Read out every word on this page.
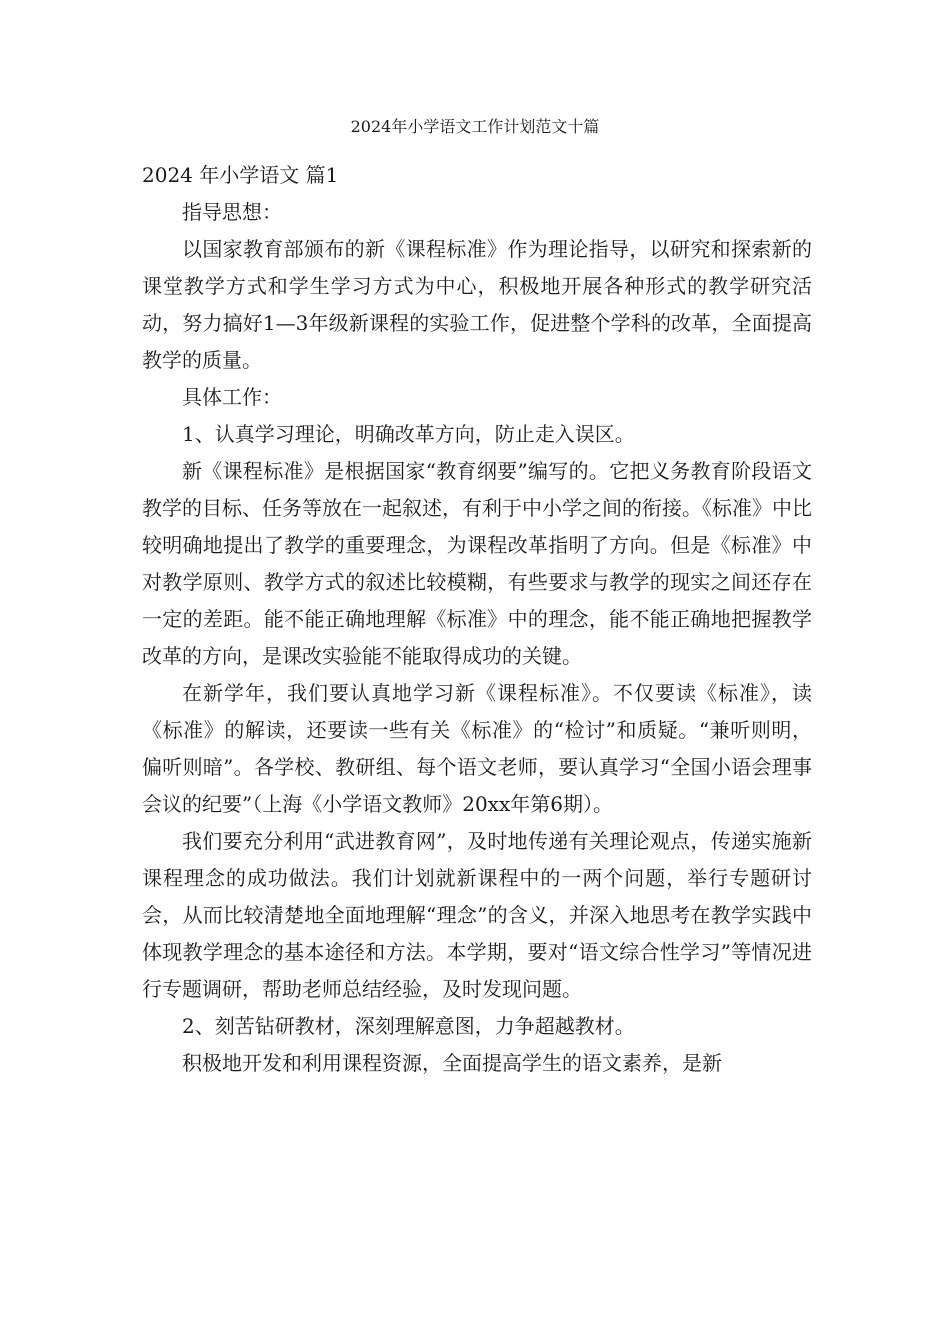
2024年小学语文工作计划范文十篇

2024 年小学语文 篇1

指导思想：

以国家教育部颁布的新《课程标准》作为理论指导，以研究和探索新的课堂教学方式和学生学习方式为中心，积极地开展各种形式的教学研究活动，努力搞好1—3年级新课程的实验工作，促进整个学科的改革，全面提高教学的质量。

具体工作：

1、认真学习理论，明确改革方向，防止走入误区。

新《课程标准》是根据国家“教育纲要”编写的。它把义务教育阶段语文教学的目标、任务等放在一起叙述，有利于中小学之间的衔接。《标准》中比较明确地提出了教学的重要理念，为课程改革指明了方向。但是《标准》中对教学原则、教学方式的叙述比较模糊，有些要求与教学的现实之间还存在一定的差距。能不能正确地理解《标准》中的理念，能不能正确地把握教学改革的方向，是课改实验能不能取得成功的关键。

在新学年，我们要认真地学习新《课程标准》。不仅要读《标准》，读《标准》的解读，还要读一些有关《标准》的“检讨”和质疑。“兼听则明，偏听则暗”。各学校、教研组、每个语文老师，要认真学习“全国小语会理事会议的纪要”（上海《小学语文教师》20xx年第6期）。

我们要充分利用“武进教育网”，及时地传递有关理论观点，传递实施新课程理念的成功做法。我们计划就新课程中的一两个问题，举行专题研讨会，从而比较清楚地全面地理解“理念”的含义，并深入地思考在教学实践中体现教学理念的基本途径和方法。本学期，要对“语文综合性学习”等情况进行专题调研，帮助老师总结经验，及时发现问题。

2、刻苦钻研教材，深刻理解意图，力争超越教材。

积极地开发和利用课程资源，全面提高学生的语文素养，是新
